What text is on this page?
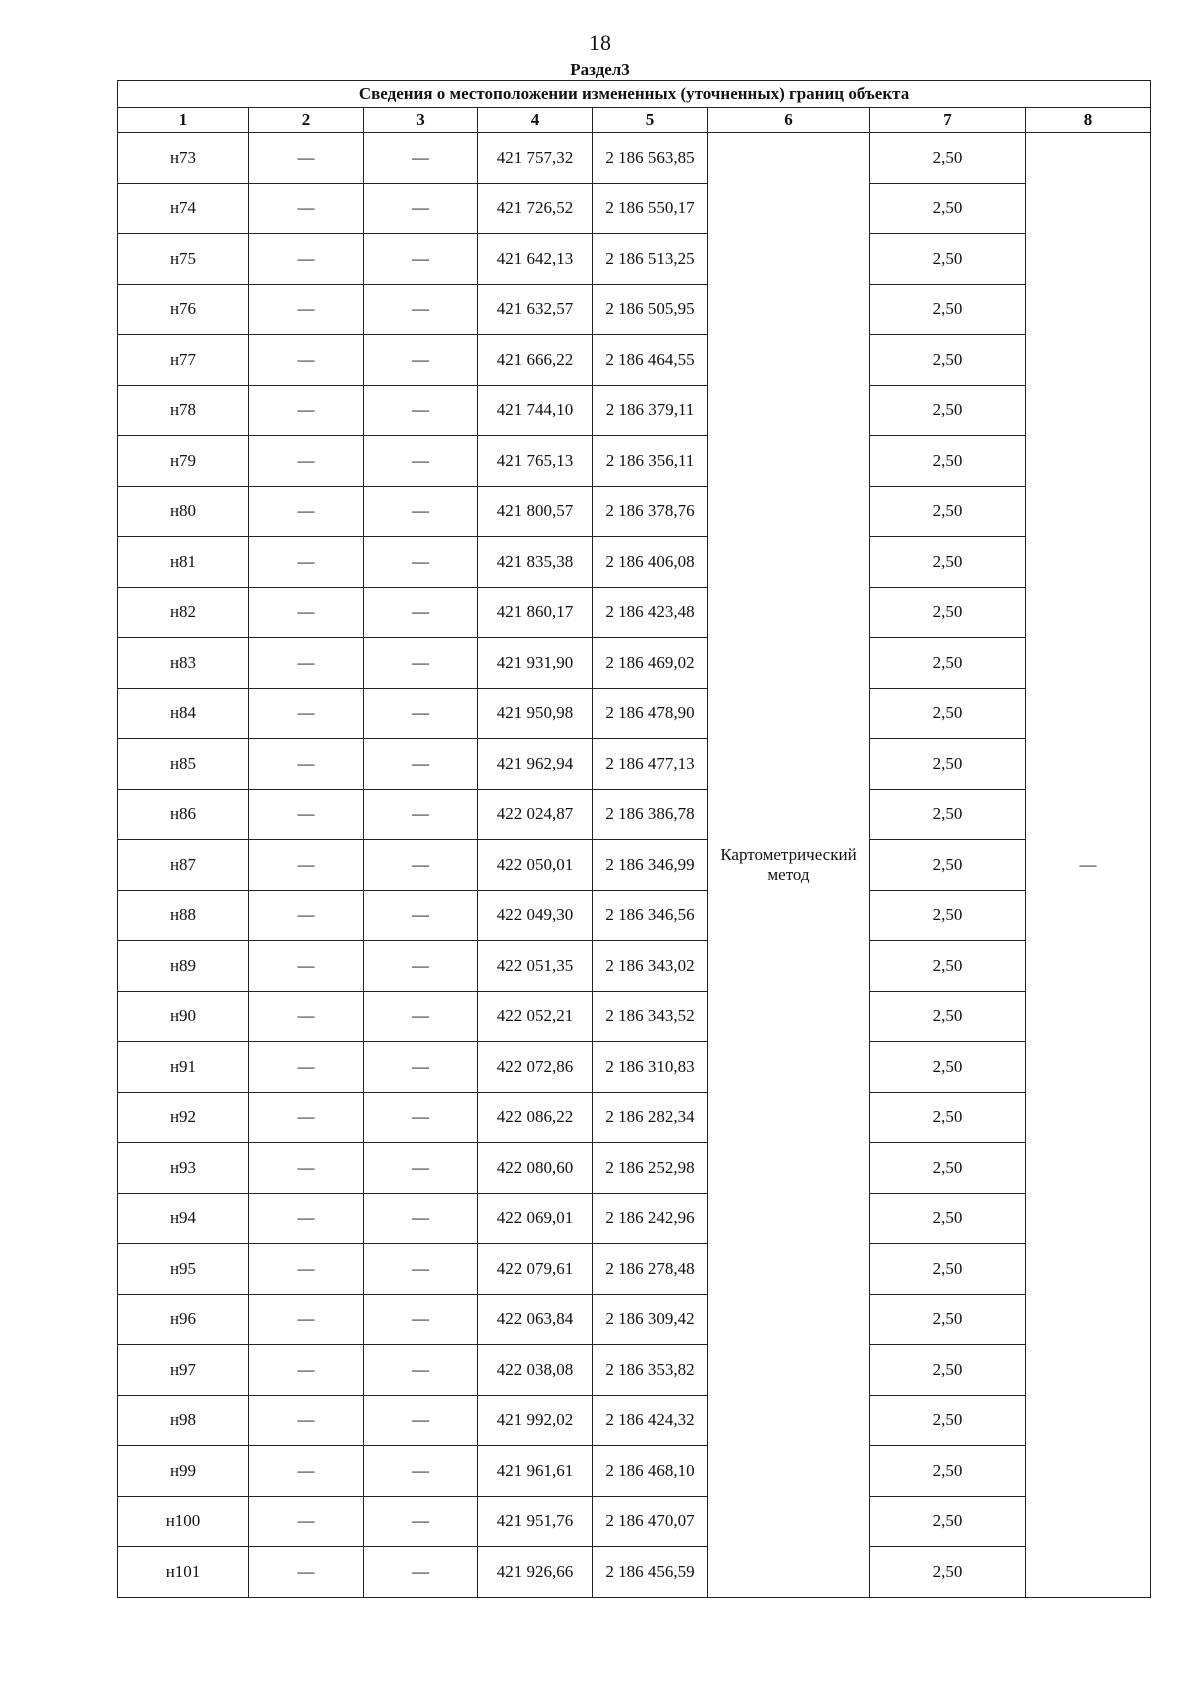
18
Раздел3
Сведения о местоположении измененных (уточненных) границ объекта							
1	2	3	4	5	6	7	8
н73	—	—	421 757,32	2 186 563,85	Картометрический метод	2,50	—
н74	—	—	421 726,52	2 186 550,17		2,50	
н75	—	—	421 642,13	2 186 513,25		2,50	
н76	—	—	421 632,57	2 186 505,95		2,50	
н77	—	—	421 666,22	2 186 464,55		2,50	
н78	—	—	421 744,10	2 186 379,11		2,50	
н79	—	—	421 765,13	2 186 356,11		2,50	
н80	—	—	421 800,57	2 186 378,76		2,50	
н81	—	—	421 835,38	2 186 406,08		2,50	
н82	—	—	421 860,17	2 186 423,48		2,50	
н83	—	—	421 931,90	2 186 469,02		2,50	
н84	—	—	421 950,98	2 186 478,90		2,50	
н85	—	—	421 962,94	2 186 477,13		2,50	
н86	—	—	422 024,87	2 186 386,78		2,50	
н87	—	—	422 050,01	2 186 346,99		2,50	
н88	—	—	422 049,30	2 186 346,56		2,50	
н89	—	—	422 051,35	2 186 343,02		2,50	
н90	—	—	422 052,21	2 186 343,52		2,50	
н91	—	—	422 072,86	2 186 310,83		2,50	
н92	—	—	422 086,22	2 186 282,34		2,50	
н93	—	—	422 080,60	2 186 252,98		2,50	
н94	—	—	422 069,01	2 186 242,96		2,50	
н95	—	—	422 079,61	2 186 278,48		2,50	
н96	—	—	422 063,84	2 186 309,42		2,50	
н97	—	—	422 038,08	2 186 353,82		2,50	
н98	—	—	421 992,02	2 186 424,32		2,50	
н99	—	—	421 961,61	2 186 468,10		2,50	
н100	—	—	421 951,76	2 186 470,07		2,50	
н101	—	—	421 926,66	2 186 456,59		2,50	
